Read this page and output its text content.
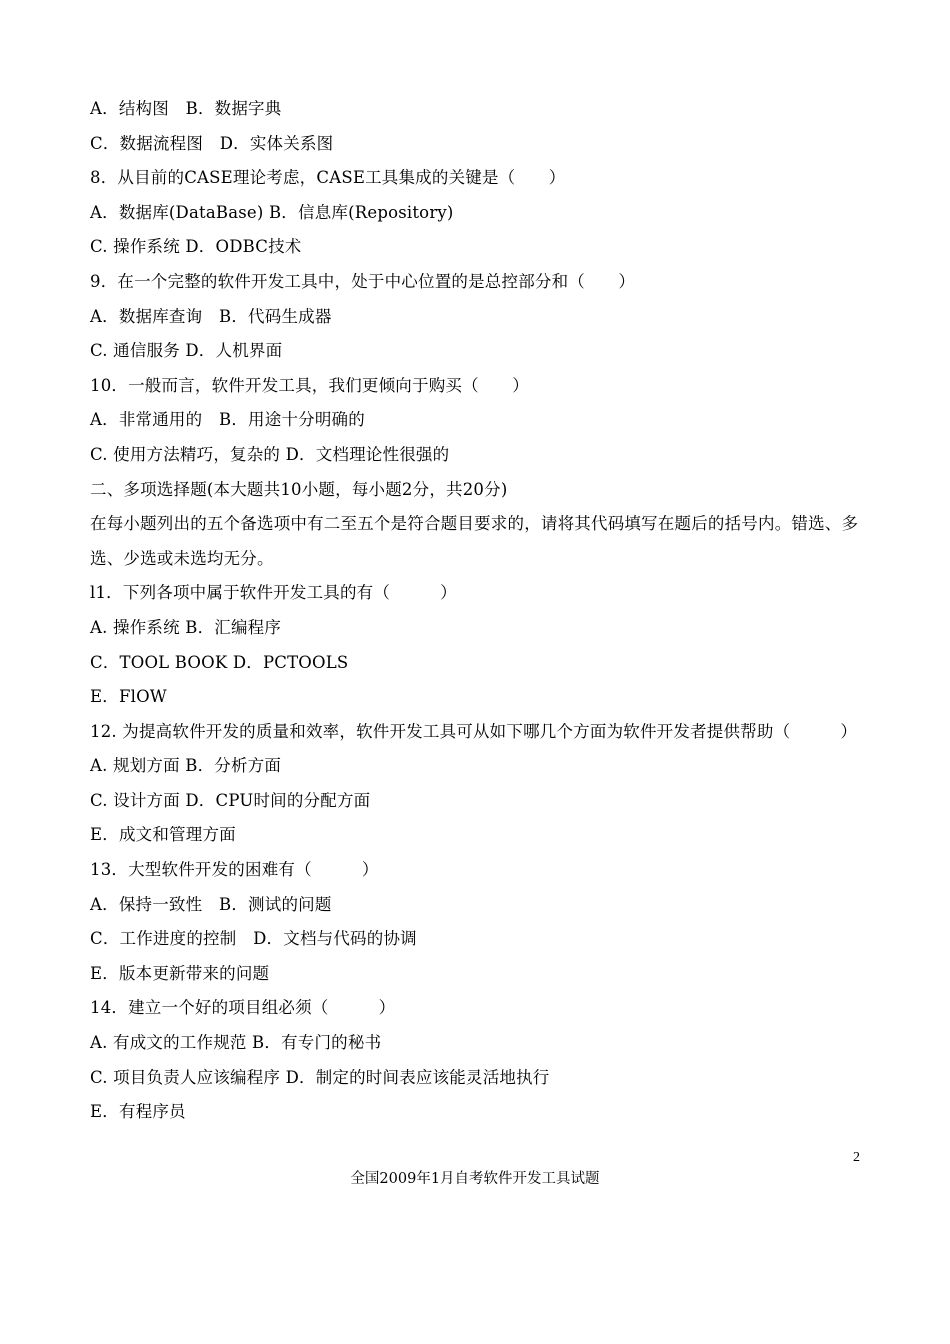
A．结构图　B．数据字典
C．数据流程图　D．实体关系图
8．从目前的CASE理论考虑，CASE工具集成的关键是（　　）
A．数据库(DataBase) B．信息库(Repository)
C. 操作系统 D．ODBC技术
9．在一个完整的软件开发工具中，处于中心位置的是总控部分和（　　）
A．数据库查询　B．代码生成器
C. 通信服务 D．人机界面
10．一般而言，软件开发工具，我们更倾向于购买（　　）
A．非常通用的　B．用途十分明确的
C. 使用方法精巧，复杂的 D．文档理论性很强的
二、多项选择题(本大题共10小题，每小题2分，共20分)
在每小题列出的五个备选项中有二至五个是符合题目要求的，请将其代码填写在题后的括号内。错选、多选、少选或未选均无分。
l1．下列各项中属于软件开发工具的有（　　　）
A. 操作系统 B．汇编程序
C．TOOL BOOK D．PCTOOLS
E．FlOW
12. 为提高软件开发的质量和效率，软件开发工具可从如下哪几个方面为软件开发者提供帮助（　　　）
A. 规划方面 B．分析方面
C. 设计方面 D．CPU时间的分配方面
E．成文和管理方面
13．大型软件开发的困难有（　　　）
A．保持一致性　B．测试的问题
C．工作进度的控制　D．文档与代码的协调
E．版本更新带来的问题
14．建立一个好的项目组必须（　　　）
A. 有成文的工作规范 B．有专门的秘书
C. 项目负责人应该编程序 D．制定的时间表应该能灵活地执行
E．有程序员
2
全国2009年1月自考软件开发工具试题
